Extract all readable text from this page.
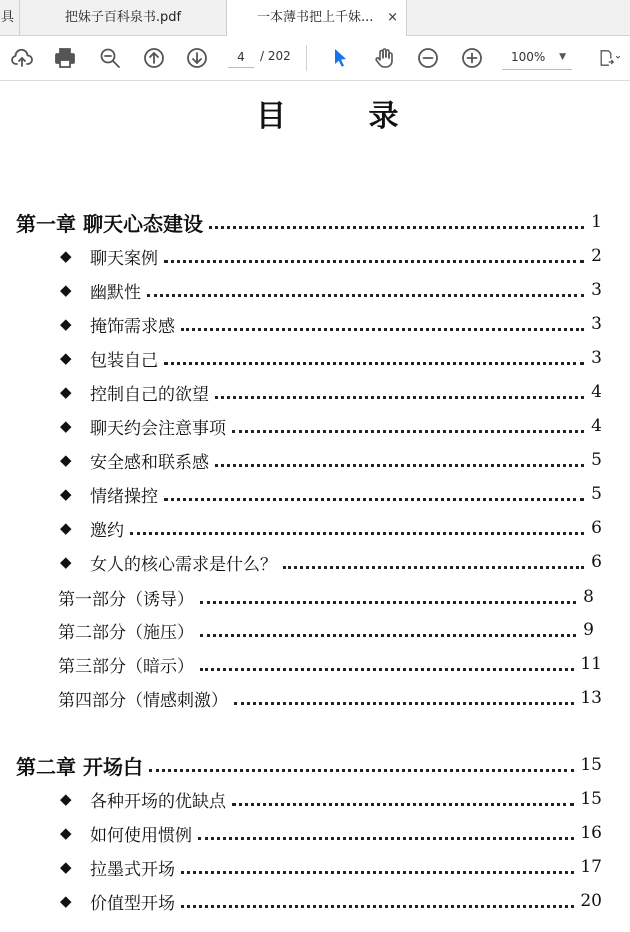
具	把妹子百科泉书.pdf	一本薄书把上千妹... ×
4
/ 202	100% ▼
目 录
第一章 聊天心态建设	1
◆	聊天案例	2
◆	幽默性	3
◆	掩饰需求感	3
◆	包装自己	3
◆	控制自己的欲望	4
◆	聊天约会注意事项	4
◆	安全感和联系感	5
◆	情绪操控	5
◆	邀约	6
◆	女人的核心需求是什么？	6
第一部分（诱导）	8
第二部分（施压）	9
第三部分（暗示）	11
第四部分（情感刺激）	13
第二章 开场白	15
◆	各种开场的优缺点	15
◆	如何使用惯例	16
◆	拉墨式开场	17
◆	价值型开场	20
